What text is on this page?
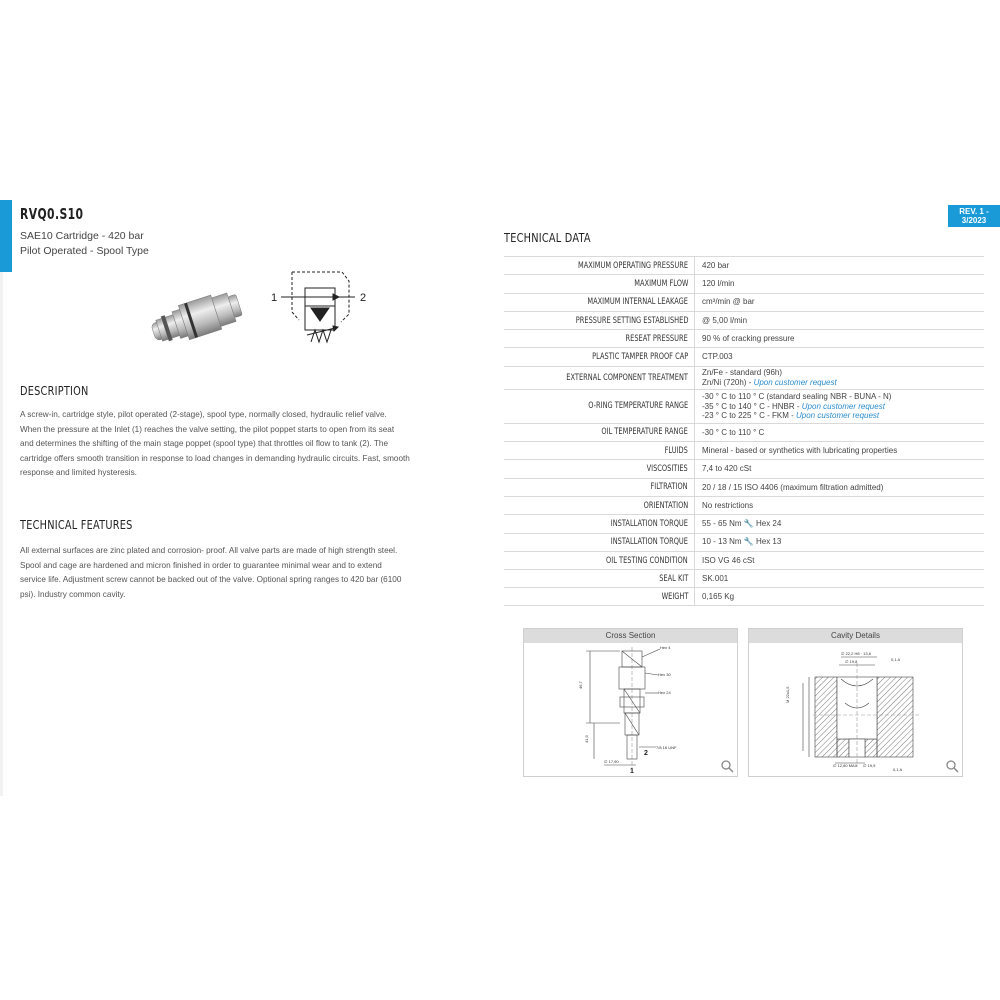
RVQ0.S10
SAE10 Cartridge - 420 bar
Pilot Operated - Spool Type
REV. 1 - 3/2023
1	2
DESCRIPTION
A screw-in, cartridge style, pilot operated (2-stage), spool type, normally closed, hydraulic relief valve. When the pressure at the Inlet (1) reaches the valve setting, the pilot poppet starts to open from its seat and determines the shifting of the main stage poppet (spool type) that throttles oil flow to tank (2). The cartridge offers smooth transition in response to load changes in demanding hydraulic circuits. Fast, smooth response and limited hysteresis.
TECHNICAL FEATURES
All external surfaces are zinc plated and corrosion- proof. All valve parts are made of high strength steel. Spool and cage are hardened and micron finished in order to guarantee minimal wear and to extend service life. Adjustment screw cannot be backed out of the valve. Optional spring ranges to 420 bar (6100 psi). Industry common cavity.
TECHNICAL DATA
MAXIMUM OPERATING PRESSURE 420 bar
MAXIMUM FLOW 120 l/min
MAXIMUM INTERNAL LEAKAGE cm³/min @ bar
PRESSURE SETTING ESTABLISHED @ 5,00 l/min
RESEAT PRESSURE 90 % of cracking pressure
PLASTIC TAMPER PROOF CAP CTP.003
EXTERNAL COMPONENT TREATMENT Zn/Fe - standard (96h)
Zn/Ni (720h) - Upon customer request
O-RING TEMPERATURE RANGE
-30 ° C to 110 ° C (standard sealing NBR - BUNA - N)
-35 ° C to 140 ° C - HNBR - Upon customer request
-23 ° C to 225 ° C - FKM - Upon customer request
OIL TEMPERATURE RANGE -30 ° C to 110 ° C
FLUIDS Mineral - based or synthetics with lubricating properties
VISCOSITIES 7,4 to 420 cSt
FILTRATION 20 / 18 / 15 ISO 4406 (maximum filtration admitted)
ORIENTATION No restrictions
INSTALLATION TORQUE 55 - 65 Nm 🔧 Hex 24
INSTALLATION TORQUE 10 - 13 Nm 🔧 Hex 13
OIL TESTING CONDITION ISO VG 46 cSt
SEAL KIT SK.001
WEIGHT 0,165 Kg
Cross Section
Hex 4
Hex 30
Hex 24
7/8 16 UNF
∅ 17,90
46,7
41,9
1
2
Cavity Details
∅ 22,2 H8 · 13,6
∅ 19,8	0,1 A
M 22x1,5
∅ 12,80 MAX ∅ 19,9
0,1 A
